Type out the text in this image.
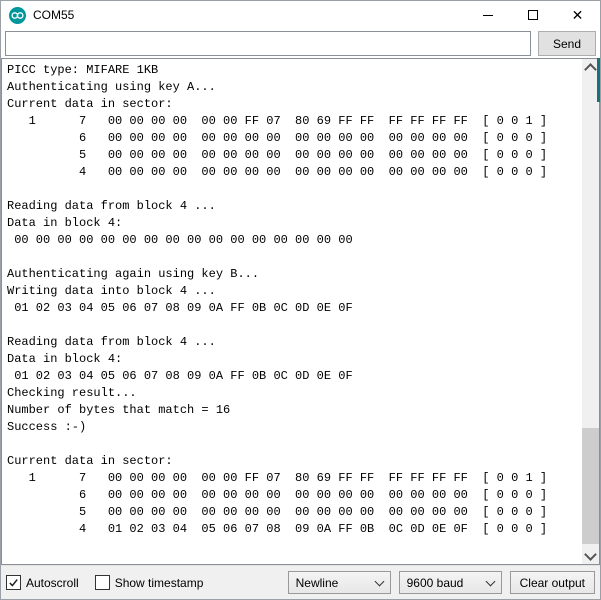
COM55	✕
Send
PICC type: MIFARE 1KB
Authenticating using key A...
Current data in sector:
1      7   00 00 00 00  00 00 FF 07  80 69 FF FF  FF FF FF FF  [ 0 0 1 ]
6   00 00 00 00  00 00 00 00  00 00 00 00  00 00 00 00  [ 0 0 0 ]
5   00 00 00 00  00 00 00 00  00 00 00 00  00 00 00 00  [ 0 0 0 ]
4   00 00 00 00  00 00 00 00  00 00 00 00  00 00 00 00  [ 0 0 0 ]
Reading data from block 4 ...
Data in block 4:
00 00 00 00 00 00 00 00 00 00 00 00 00 00 00 00
Authenticating again using key B...
Writing data into block 4 ...
01 02 03 04 05 06 07 08 09 0A FF 0B 0C 0D 0E 0F
Reading data from block 4 ...
Data in block 4:
01 02 03 04 05 06 07 08 09 0A FF 0B 0C 0D 0E 0F
Checking result...
Number of bytes that match = 16
Success :-)
Current data in sector:
1      7   00 00 00 00  00 00 FF 07  80 69 FF FF  FF FF FF FF  [ 0 0 1 ]
6   00 00 00 00  00 00 00 00  00 00 00 00  00 00 00 00  [ 0 0 0 ]
5   00 00 00 00  00 00 00 00  00 00 00 00  00 00 00 00  [ 0 0 0 ]
4   01 02 03 04  05 06 07 08  09 0A FF 0B  0C 0D 0E 0F  [ 0 0 0 ]
Autoscroll	Show timestamp	Newline	9600 baud	Clear output
